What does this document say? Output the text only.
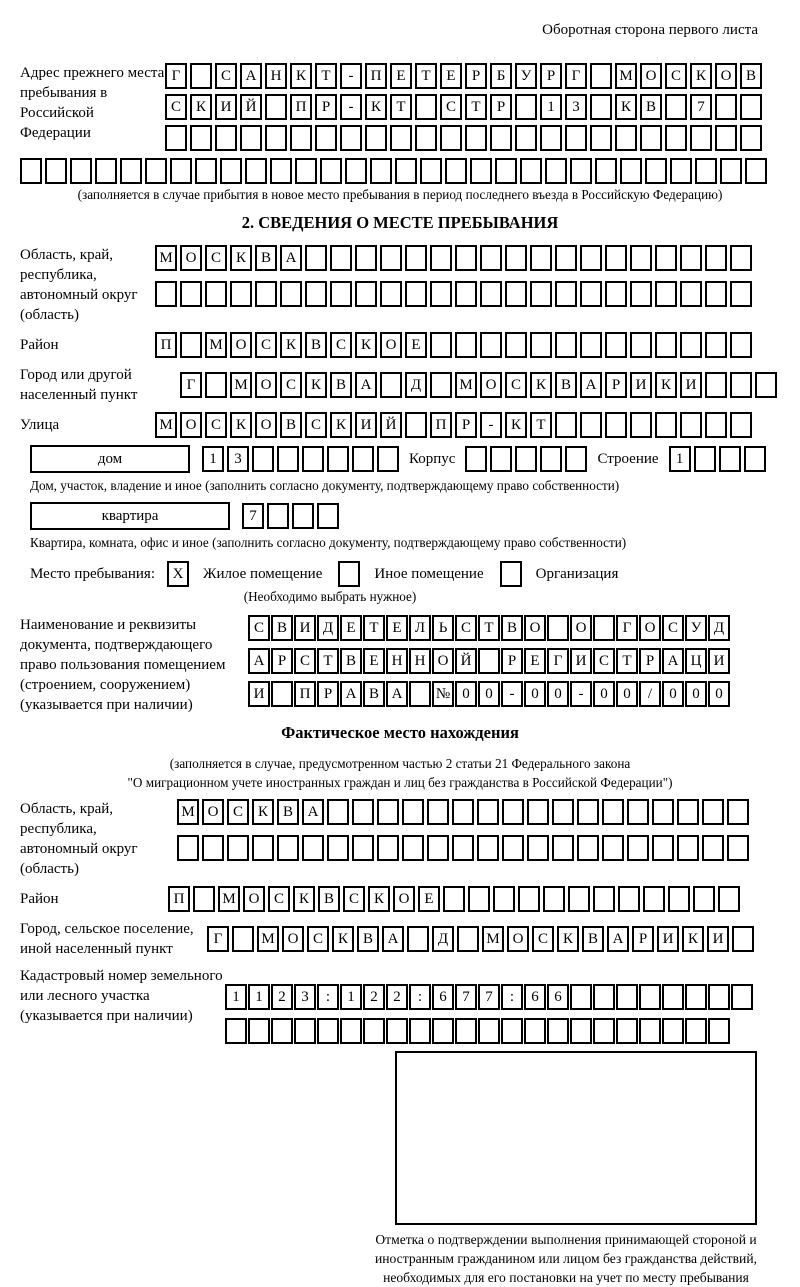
Оборотная сторона первого листа
Адрес прежнего места пребывания в Российской Федерации
Г	С А Н К	Т	-	П Е	Т	Е	Р	Б	У	Р	Г	М О С К О В
С К И Й	П	Р	-	К	Т	С	Т	Р	1	3	К В	7
(заполняется в случае прибытия в новое место пребывания в период последнего въезда в Российскую Федерацию)
2. СВЕДЕНИЯ О МЕСТЕ ПРЕБЫВАНИЯ
Область, край, республика, автономный округ (область)
М О С К В А
Район	П	М О С К В С К О Е
Город или другой населенный пункт
Г	М О С К В А	Д	М О С К В А	Р	И К И
Улица	М О С К О В С К И Й	П	Р	-	К	Т
дом	1	3	Корпус	Строение	1
Дом, участок, владение и иное (заполнить согласно документу, подтверждающему право собственности)
квартира	7
Квартира, комната, офис и иное (заполнить согласно документу, подтверждающему право собственности)
Место пребывания:	X	Жилое помещение	Иное помещение	Организация
(Необходимо выбрать нужное)
Наименование и реквизиты документа, подтверждающего право пользования помещением (строением, сооружением) (указывается при наличии)
С В И Д Е Т Е Л Ь С Т В О	О	Г О С У Д
А Р С Т В Е Н Н О Й	Р Е Г И С Т Р А Ц И
И	П Р А В А	№ 0	0	-	0	0	-	0	0	/	0	0	0
Фактическое место нахождения
(заполняется в случае, предусмотренном частью 2 статьи 21 Федерального закона
"О миграционном учете иностранных граждан и лиц без гражданства в Российской Федерации")
Область, край, республика, автономный округ (область)
М О С К В А
Район	П	М О С К В С К О Е
Город, сельское поселение, иной населенный пункт
Г	М О С К В А	Д	М О С К В А	Р	И К И
Кадастровый номер земельного или лесного участка (указывается при наличии)
1	1	2	3	:	1	2	2	:	6	7	7	:	6	6
Отметка о подтверждении выполнения принимающей стороной и иностранным гражданином или лицом без гражданства действий, необходимых для его постановки на учет по месту пребывания
